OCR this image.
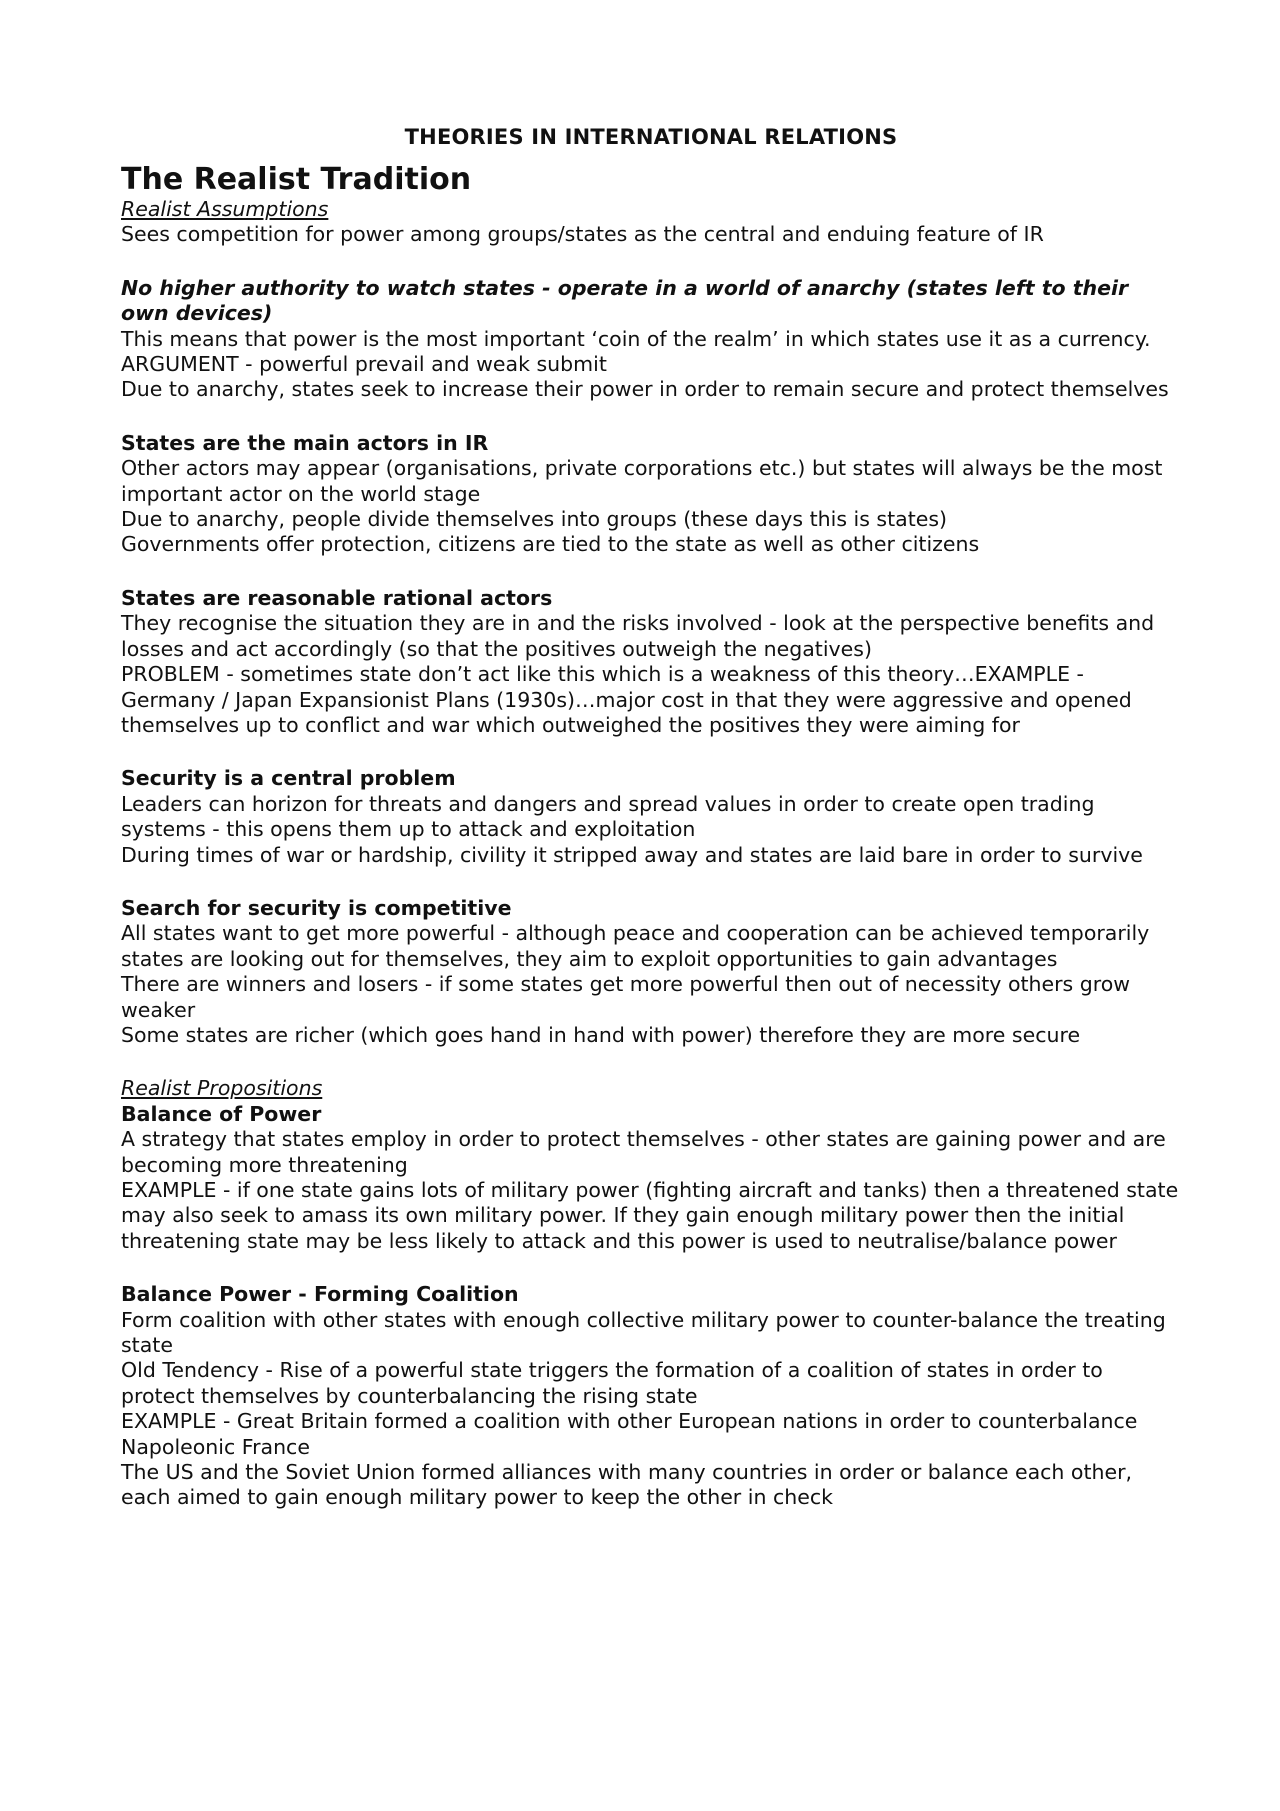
THEORIES IN INTERNATIONAL RELATIONS
The Realist Tradition
Realist Assumptions
Sees competition for power among groups/states as the central and enduing feature of IR
No higher authority to watch states - operate in a world of anarchy (states left to their own devices)
This means that power is the most important ‘coin of the realm’ in which states use it as a currency.
ARGUMENT - powerful prevail and weak submit
Due to anarchy, states seek to increase their power in order to remain secure and protect themselves
States are the main actors in IR
Other actors may appear (organisations, private corporations etc.) but states will always be the most important actor on the world stage
Due to anarchy, people divide themselves into groups (these days this is states)
Governments offer protection, citizens are tied to the state as well as other citizens
States are reasonable rational actors
They recognise the situation they are in and the risks involved - look at the perspective benefits and losses and act accordingly (so that the positives outweigh the negatives)
PROBLEM - sometimes state don’t act like this which is a weakness of this theory…EXAMPLE - Germany / Japan Expansionist Plans (1930s)…major cost in that they were aggressive and opened themselves up to conflict and war which outweighed the positives they were aiming for
Security is a central problem
Leaders can horizon for threats and dangers and spread values in order to create open trading systems - this opens them up to attack and exploitation
During times of war or hardship, civility it stripped away and states are laid bare in order to survive
Search for security is competitive
All states want to get more powerful - although peace and cooperation can be achieved temporarily states are looking out for themselves, they aim to exploit opportunities to gain advantages
There are winners and losers - if some states get more powerful then out of necessity others grow weaker
Some states are richer (which goes hand in hand with power) therefore they are more secure
Realist Propositions
Balance of Power
A strategy that states employ in order to protect themselves - other states are gaining power and are becoming more threatening
EXAMPLE - if one state gains lots of military power (fighting aircraft and tanks) then a threatened state may also seek to amass its own military power. If they gain enough military power then the initial threatening state may be less likely to attack and this power is used to neutralise/balance power
Balance Power - Forming Coalition
Form coalition with other states with enough collective military power to counter-balance the treating state
Old Tendency - Rise of a powerful state triggers the formation of a coalition of states in order to protect themselves by counterbalancing the rising state
EXAMPLE - Great Britain formed a coalition with other European nations in order to counterbalance Napoleonic France
The US and the Soviet Union formed alliances with many countries in order or balance each other, each aimed to gain enough military power to keep the other in check
